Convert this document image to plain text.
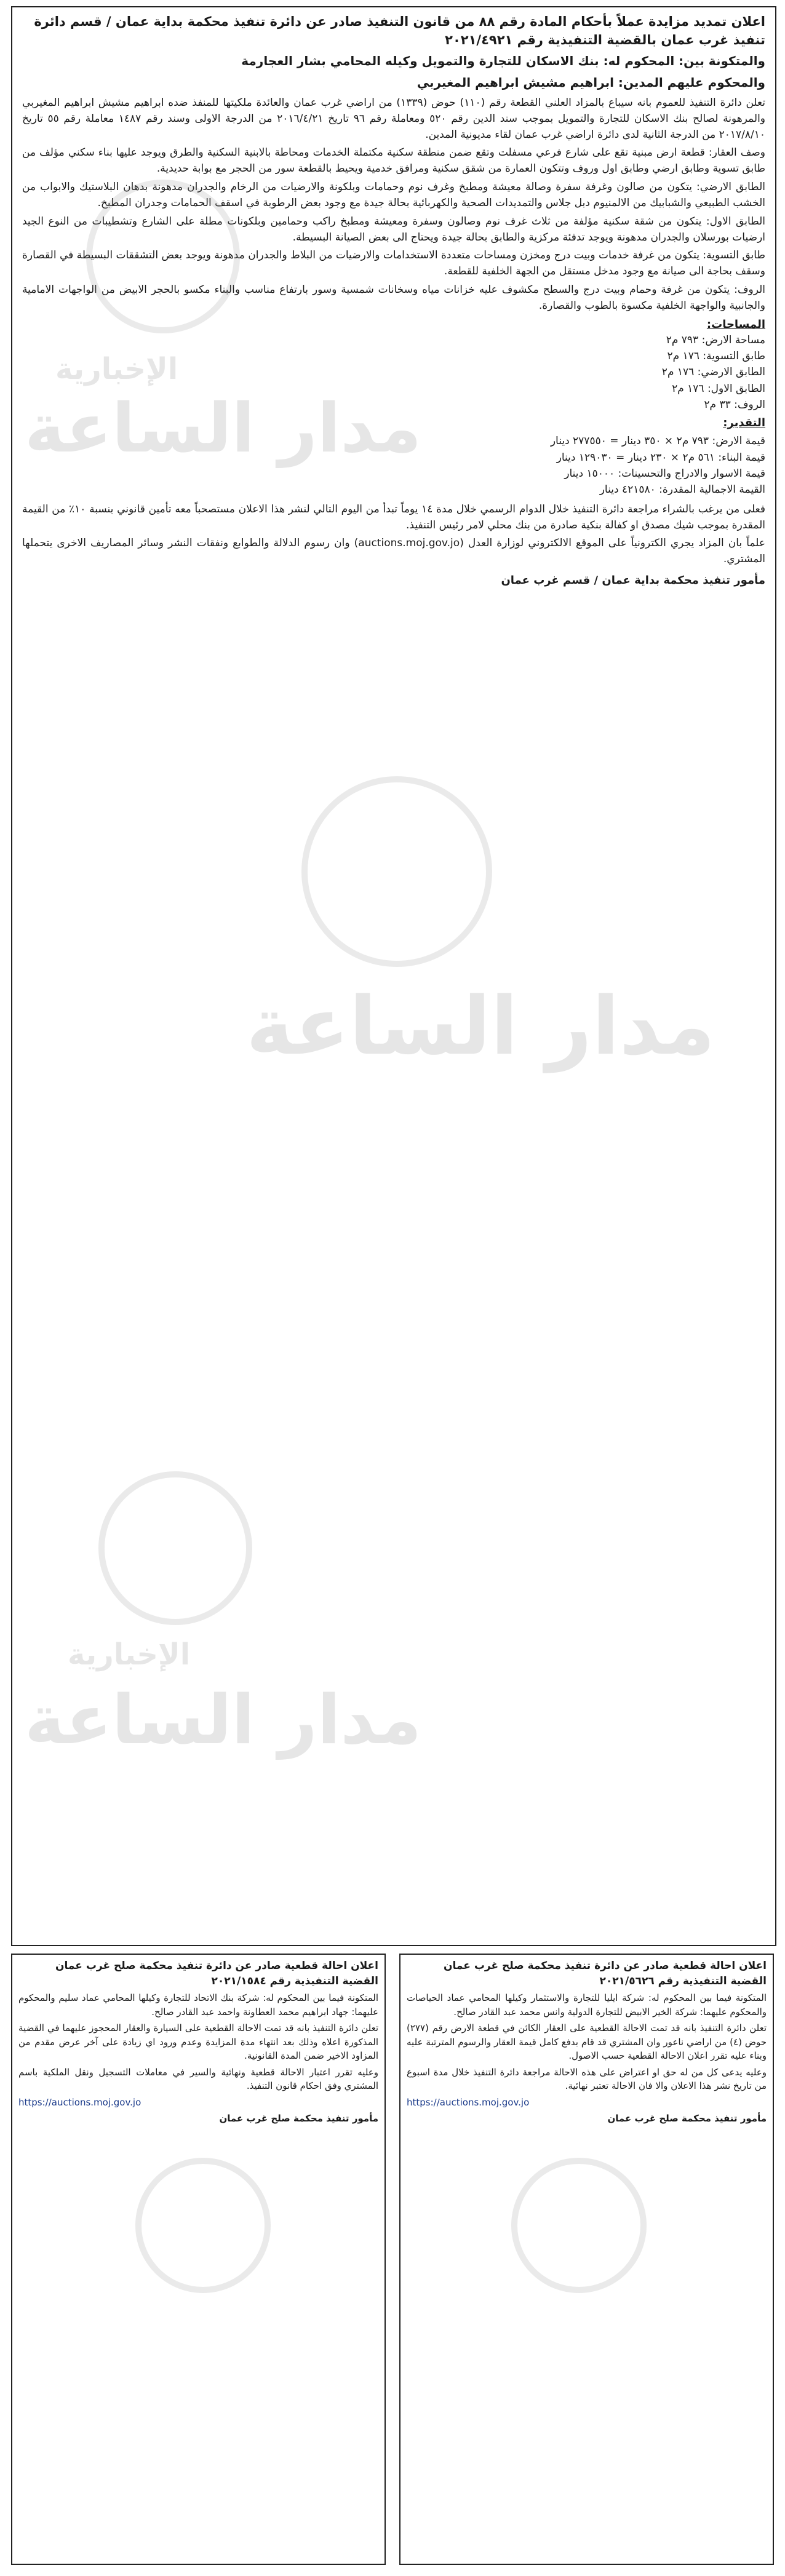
الإخبارية
مدار الساعة
مدار الساعة
الإخبارية
مدار الساعة
اعلان تمديد مزايدة عملاً بأحكام المادة رقم ٨٨ من قانون التنفيذ صادر عن دائرة تنفيذ محكمة بداية عمان / قسم دائرة تنفيذ غرب عمان بالقضية التنفيذية رقم ٢٠٢١/٤٩٢١
والمتكونة بين: المحكوم له: بنك الاسكان للتجارة والتمويل وكيله المحامي بشار العجارمة
والمحكوم عليهم المدين: ابراهيم مشيش ابراهيم المغيربي

تعلن دائرة التنفيذ للعموم بانه سيباع بالمزاد العلني القطعة رقم (١١٠) حوض (١٣٣٩) من اراضي غرب عمان والعائدة ملكيتها للمنفذ ضده ابراهيم مشيش ابراهيم المغيربي والمرهونة لصالح بنك الاسكان للتجارة والتمويل بموجب سند الدين رقم ٥٢٠ ومعاملة رقم ٩٦ تاريخ ٢٠١٦/٤/٢١ من الدرجة الاولى وسند رقم ١٤٨٧ معاملة رقم ٥٥ تاريخ ٢٠١٧/٨/١٠ من الدرجة الثانية لدى دائرة اراضي غرب عمان لقاء مديونية المدين.

وصف العقار: قطعة ارض مبنية تقع على شارع فرعي مسفلت وتقع ضمن منطقة سكنية مكتملة الخدمات ومحاطة بالابنية السكنية والطرق ويوجد عليها بناء سكني مؤلف من طابق تسوية وطابق ارضي وطابق اول وروف وتتكون العمارة من شقق سكنية ومرافق خدمية ويحيط بالقطعة سور من الحجر مع بوابة حديدية.

الطابق الارضي: يتكون من صالون وغرفة سفرة وصالة معيشة ومطبخ وغرف نوم وحمامات وبلكونة والارضيات من الرخام والجدران مدهونة بدهان البلاستيك والابواب من الخشب الطبيعي والشبابيك من الالمنيوم دبل جلاس والتمديدات الصحية والكهربائية بحالة جيدة مع وجود بعض الرطوبة في اسقف الحمامات وجدران المطبخ.

الطابق الاول: يتكون من شقة سكنية مؤلفة من ثلاث غرف نوم وصالون وسفرة ومعيشة ومطبخ راكب وحمامين وبلكونات مطلة على الشارع وتشطيبات من النوع الجيد ارضيات بورسلان والجدران مدهونة ويوجد تدفئة مركزية والطابق بحالة جيدة ويحتاج الى بعض الصيانة البسيطة.

طابق التسوية: يتكون من غرفة خدمات وبيت درج ومخزن ومساحات متعددة الاستخدامات والارضيات من البلاط والجدران مدهونة ويوجد بعض التشققات البسيطة في القصارة وسقف بحاجة الى صيانة مع وجود مدخل مستقل من الجهة الخلفية للقطعة.

الروف: يتكون من غرفة وحمام وبيت درج والسطح مكشوف عليه خزانات مياه وسخانات شمسية وسور بارتفاع مناسب والبناء مكسو بالحجر الابيض من الواجهات الامامية والجانبية والواجهة الخلفية مكسوة بالطوب والقصارة.

المساحات:
مساحة الارض: ٧٩٣ م٢
طابق التسوية: ١٧٦ م٢
الطابق الارضي: ١٧٦ م٢
الطابق الاول: ١٧٦ م٢
الروف: ٣٣ م٢
التقدير:
قيمة الارض: ٧٩٣ م٢ × ٣٥٠ دينار = ٢٧٧٥٥٠ دينار
قيمة البناء: ٥٦١ م٢ × ٢٣٠ دينار = ١٢٩٠٣٠ دينار
قيمة الاسوار والادراج والتحسينات: ١٥٠٠٠ دينار
القيمة الاجمالية المقدرة: ٤٢١٥٨٠ دينار

فعلى من يرغب بالشراء مراجعة دائرة التنفيذ خلال الدوام الرسمي خلال مدة ١٤ يوماً تبدأ من اليوم التالي لنشر هذا الاعلان مستصحباً معه تأمين قانوني بنسبة ١٠٪ من القيمة المقدرة بموجب شيك مصدق او كفالة بنكية صادرة من بنك محلي لامر رئيس التنفيذ.

علماً بان المزاد يجري الكترونياً على الموقع الالكتروني لوزارة العدل (auctions.moj.gov.jo) وان رسوم الدلالة والطوابع ونفقات النشر وسائر المصاريف الاخرى يتحملها المشتري.

مأمور تنفيذ محكمة بداية عمان / قسم غرب عمان
اعلان احالة قطعية صادر عن دائرة تنفيذ محكمة صلح غرب عمان القضية التنفيذية رقم ٢٠٢١/٥٦٢٦

المتكونة فيما بين المحكوم له: شركة ايليا للتجارة والاستثمار وكيلها المحامي عماد الحياصات والمحكوم عليهما: شركة الخير الابيض للتجارة الدولية وانس محمد عبد القادر صالح.

تعلن دائرة التنفيذ بانه قد تمت الاحالة القطعية على العقار الكائن في قطعة الارض رقم (٢٧٧) حوض (٤) من اراضي ناعور وان المشتري قد قام بدفع كامل قيمة العقار والرسوم المترتبة عليه وبناء عليه تقرر اعلان الاحالة القطعية حسب الاصول.

وعليه يدعى كل من له حق او اعتراض على هذه الاحالة مراجعة دائرة التنفيذ خلال مدة اسبوع من تاريخ نشر هذا الاعلان والا فان الاحالة تعتبر نهائية.

https://auctions.moj.gov.jo
مأمور تنفيذ محكمة صلح غرب عمان
اعلان احالة قطعية صادر عن دائرة تنفيذ محكمة صلح غرب عمان القضية التنفيذية رقم ٢٠٢١/١٥٨٤

المتكونة فيما بين المحكوم له: شركة بنك الاتحاد للتجارة وكيلها المحامي عماد سليم والمحكوم عليهما: جهاد ابراهيم محمد العطاونة واحمد عبد القادر صالح.

تعلن دائرة التنفيذ بانه قد تمت الاحالة القطعية على السيارة والعقار المحجوز عليهما في القضية المذكورة اعلاه وذلك بعد انتهاء مدة المزايدة وعدم ورود اي زيادة على آخر عرض مقدم من المزاود الاخير ضمن المدة القانونية.

وعليه تقرر اعتبار الاحالة قطعية ونهائية والسير في معاملات التسجيل ونقل الملكية باسم المشتري وفق احكام قانون التنفيذ.

https://auctions.moj.gov.jo
مأمور تنفيذ محكمة صلح غرب عمان
